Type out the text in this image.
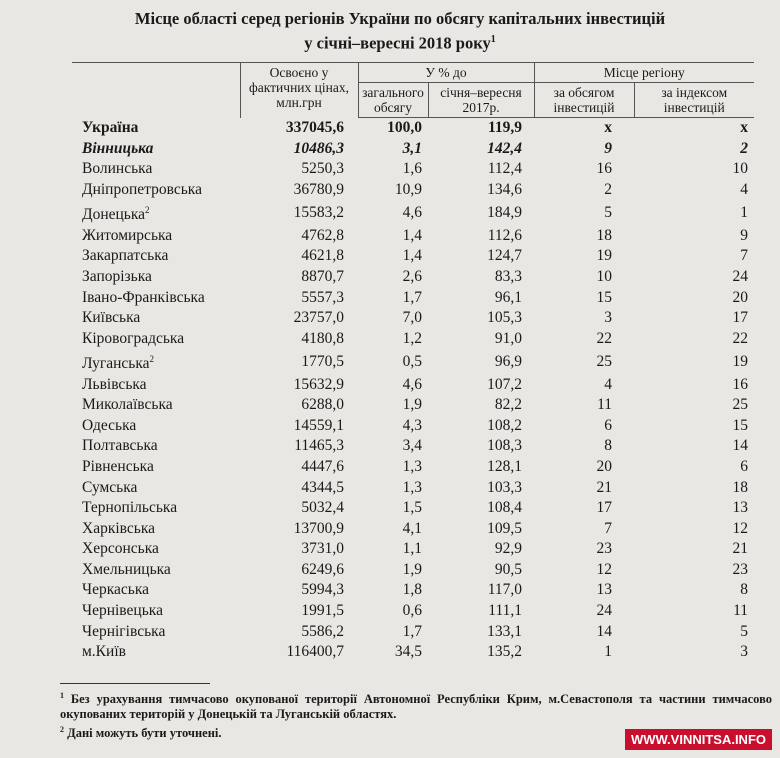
Місце області серед регіонів України по обсягу капітальних інвестицій
у січні–вересні 2018 року$^1$
	Освоєно у фактичних цінах, млн.грн	У % до		Місце регіону	
		загального обсягу	січня–вересня 2017р.	за обсягом інвестицій	за індексом інвестицій
Україна	337045,6	100,0	119,9	x	x
Вінницька	10486,3	3,1	142,4	9	2
Волинська	5250,3	1,6	112,4	16	10
Дніпропетровська	36780,9	10,9	134,6	2	4
Донецька$^2$	15583,2	4,6	184,9	5	1
Житомирська	4762,8	1,4	112,6	18	9
Закарпатська	4621,8	1,4	124,7	19	7
Запорізька	8870,7	2,6	83,3	10	24
Івано-Франківська	5557,3	1,7	96,1	15	20
Київська	23757,0	7,0	105,3	3	17
Кіровоградська	4180,8	1,2	91,0	22	22
Луганська$^2$	1770,5	0,5	96,9	25	19
Львівська	15632,9	4,6	107,2	4	16
Миколаївська	6288,0	1,9	82,2	11	25
Одеська	14559,1	4,3	108,2	6	15
Полтавська	11465,3	3,4	108,3	8	14
Рівненська	4447,6	1,3	128,1	20	6
Сумська	4344,5	1,3	103,3	21	18
Тернопільська	5032,4	1,5	108,4	17	13
Харківська	13700,9	4,1	109,5	7	12
Херсонська	3731,0	1,1	92,9	23	21
Хмельницька	6249,6	1,9	90,5	12	23
Черкаська	5994,3	1,8	117,0	13	8
Чернівецька	1991,5	0,6	111,1	24	11
Чернігівська	5586,2	1,7	133,1	14	5
м.Київ	116400,7	34,5	135,2	1	3
$^1$ Без урахування тимчасово окупованої території Автономної Республіки Крим, м.Севастополя та частини тимчасово окупованих територій у Донецькій та Луганській областях.
$^2$ Дані можуть бути уточнені.	WWW.VINNITSA.INFO
